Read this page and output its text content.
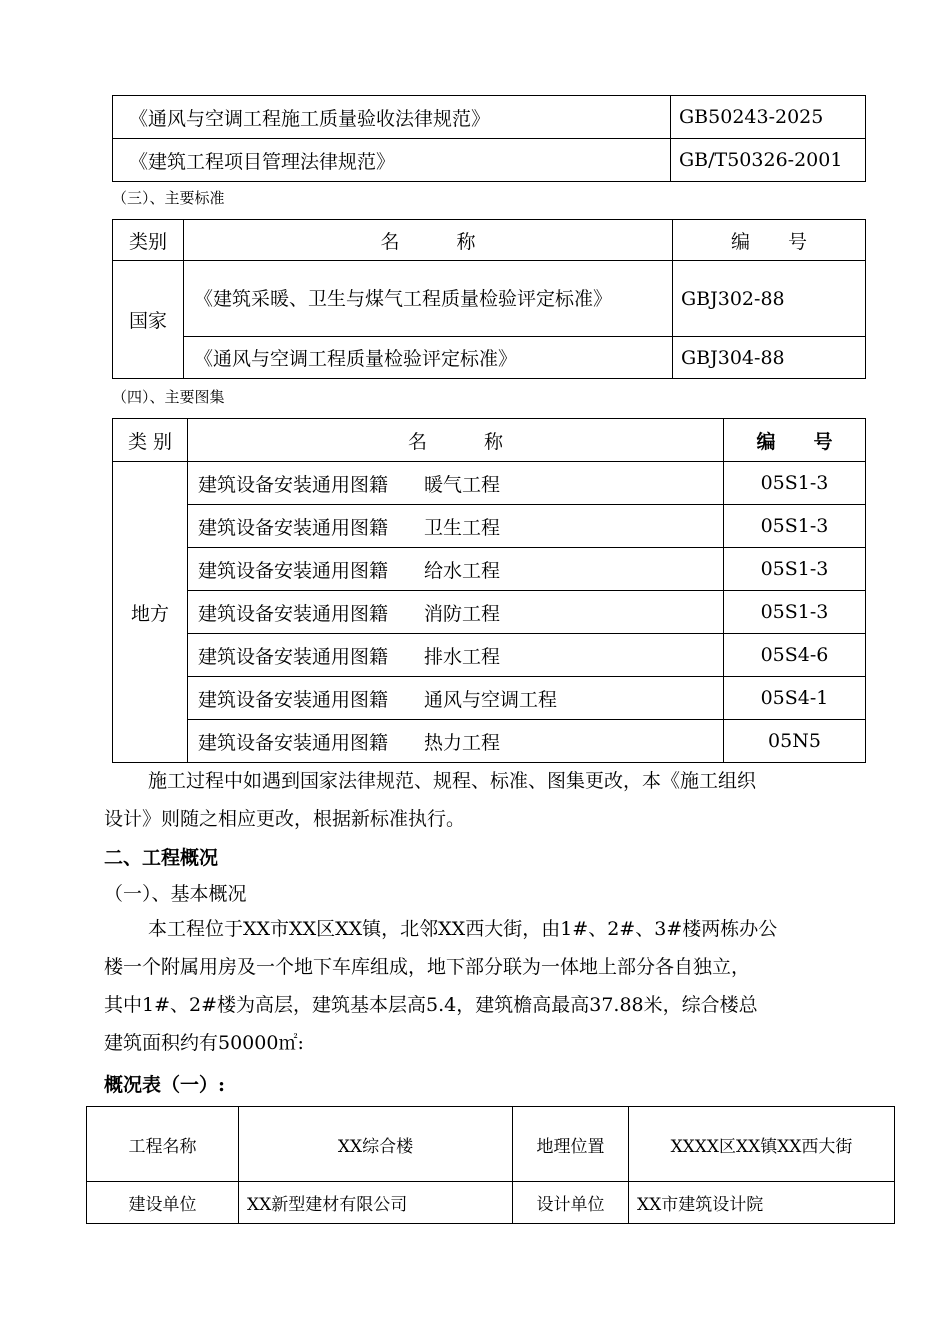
《通风与空调工程施工质量验收法律规范》	GB50243-2025
《建筑工程项目管理法律规范》	GB/T50326-2001
（三）、主要标准
类别	名　　　称	编　　号
国家	《建筑采暖、卫生与煤气工程质量检验评定标准》	GBJ302-88
	《通风与空调工程质量检验评定标准》	GBJ304-88
（四）、主要图集
类 别	名　　　称	编　　号
地方	建筑设备安装通用图籍 暖气工程	05S1-3
	建筑设备安装通用图籍 卫生工程	05S1-3
	建筑设备安装通用图籍 给水工程	05S1-3
	建筑设备安装通用图籍 消防工程	05S1-3
	建筑设备安装通用图籍 排水工程	05S4-6
	建筑设备安装通用图籍 通风与空调工程	05S4-1
	建筑设备安装通用图籍 热力工程	05N5
施工过程中如遇到国家法律规范、规程、标准、图集更改，本《施工组织
设计》则随之相应更改，根据新标准执行。
二、工程概况
（一）、基本概况
本工程位于XX市XX区XX镇，北邻XX西大街，由1#、2#、3#楼两栋办公
楼一个附属用房及一个地下车库组成，地下部分联为一体地上部分各自独立，
其中1#、2#楼为高层，建筑基本层高5.4，建筑檐高最高37.88米，综合楼总
建筑面积约有50000㎡:
概况表（一）:
工程名称	XX综合楼	地理位置	XXXX区XX镇XX西大街
建设单位	XX新型建材有限公司	设计单位	XX市建筑设计院
